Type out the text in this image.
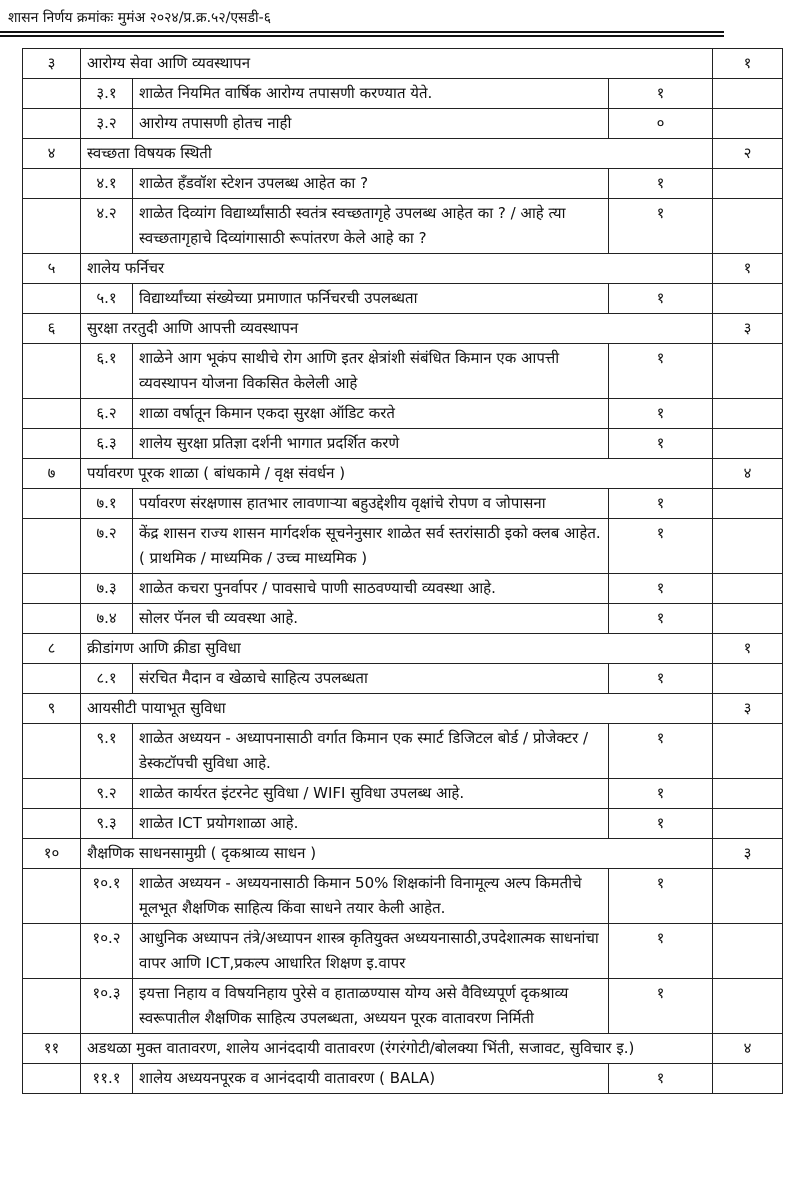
शासन निर्णय क्रमांकः मुमंअ २०२४/प्र.क्र.५२/एसडी-६
३	आरोग्य सेवा आणि व्यवस्थापन			१
	३.१	शाळेत नियमित वार्षिक आरोग्य तपासणी करण्यात येते.	१	
	३.२	आरोग्य तपासणी होतच नाही	०	
४	स्वच्छता विषयक स्थिती			२
	४.१	शाळेत हँडवॉश स्टेशन उपलब्ध आहेत का ?	१	
	४.२	शाळेत दिव्यांग विद्यार्थ्यांसाठी स्वतंत्र स्वच्छतागृहे उपलब्ध आहेत का ? / आहे त्या स्वच्छतागृहाचे दिव्यांगासाठी रूपांतरण केले आहे का ?	१	
५	शालेय फर्निचर			१
	५.१	विद्यार्थ्यांच्या संख्येच्या प्रमाणात फर्निचरची उपलब्धता	१	
६	सुरक्षा तरतुदी आणि आपत्ती व्यवस्थापन			३
	६.१	शाळेने आग भूकंप साथीचे रोग आणि इतर क्षेत्रांशी संबंधित किमान एक आपत्ती व्यवस्थापन योजना विकसित केलेली आहे	१	
	६.२	शाळा वर्षातून किमान एकदा सुरक्षा ऑडिट करते	१	
	६.३	शालेय सुरक्षा प्रतिज्ञा दर्शनी भागात प्रदर्शित करणे	१	
७	पर्यावरण पूरक शाळा ( बांधकामे / वृक्ष संवर्धन )			४
	७.१	पर्यावरण संरक्षणास हातभार लावणाऱ्या बहुउद्देशीय वृक्षांचे रोपण व जोपासना	१	
	७.२	केंद्र शासन राज्य शासन मार्गदर्शक सूचनेनुसार शाळेत सर्व स्तरांसाठी इको क्लब आहेत. ( प्राथमिक / माध्यमिक / उच्च माध्यमिक )	१	
	७.३	शाळेत कचरा पुनर्वापर / पावसाचे पाणी साठवण्याची व्यवस्था आहे.	१	
	७.४	सोलर पॅनल ची व्यवस्था आहे.	१	
८	क्रीडांगण आणि क्रीडा सुविधा			१
	८.१	संरचित मैदान व खेळाचे साहित्य उपलब्धता	१	
९	आयसीटी पायाभूत सुविधा			३
	९.१	शाळेत अध्ययन - अध्यापनासाठी वर्गात किमान एक स्मार्ट डिजिटल बोर्ड / प्रोजेक्टर / डेस्कटॉपची सुविधा आहे.	१	
	९.२	शाळेत कार्यरत इंटरनेट सुविधा / WIFI सुविधा उपलब्ध आहे.	१	
	९.३	शाळेत ICT प्रयोगशाळा आहे.	१	
१०	शैक्षणिक साधनसामुग्री ( दृकश्राव्य साधन )			३
	१०.१	शाळेत अध्ययन - अध्ययनासाठी किमान 50% शिक्षकांनी विनामूल्य अल्प किमतीचे मूलभूत शैक्षणिक साहित्य किंवा साधने तयार केली आहेत.	१	
	१०.२	आधुनिक अध्यापन तंत्रे/अध्यापन शास्त्र कृतियुक्त अध्ययनासाठी,उपदेशात्मक साधनांचा वापर आणि ICT,प्रकल्प आधारित शिक्षण इ.वापर	१	
	१०.३	इयत्ता निहाय व विषयनिहाय पुरेसे व हाताळण्यास योग्य असे वैविध्यपूर्ण दृकश्राव्य स्वरूपातील शैक्षणिक साहित्य उपलब्धता, अध्ययन पूरक वातावरण निर्मिती	१	
११	अडथळा मुक्त वातावरण, शालेय आनंददायी वातावरण (रंगरंगोटी/बोलक्या भिंती, सजावट, सुविचार इ.)			४
	११.१	शालेय अध्ययनपूरक व आनंददायी वातावरण ( BALA)	१	
